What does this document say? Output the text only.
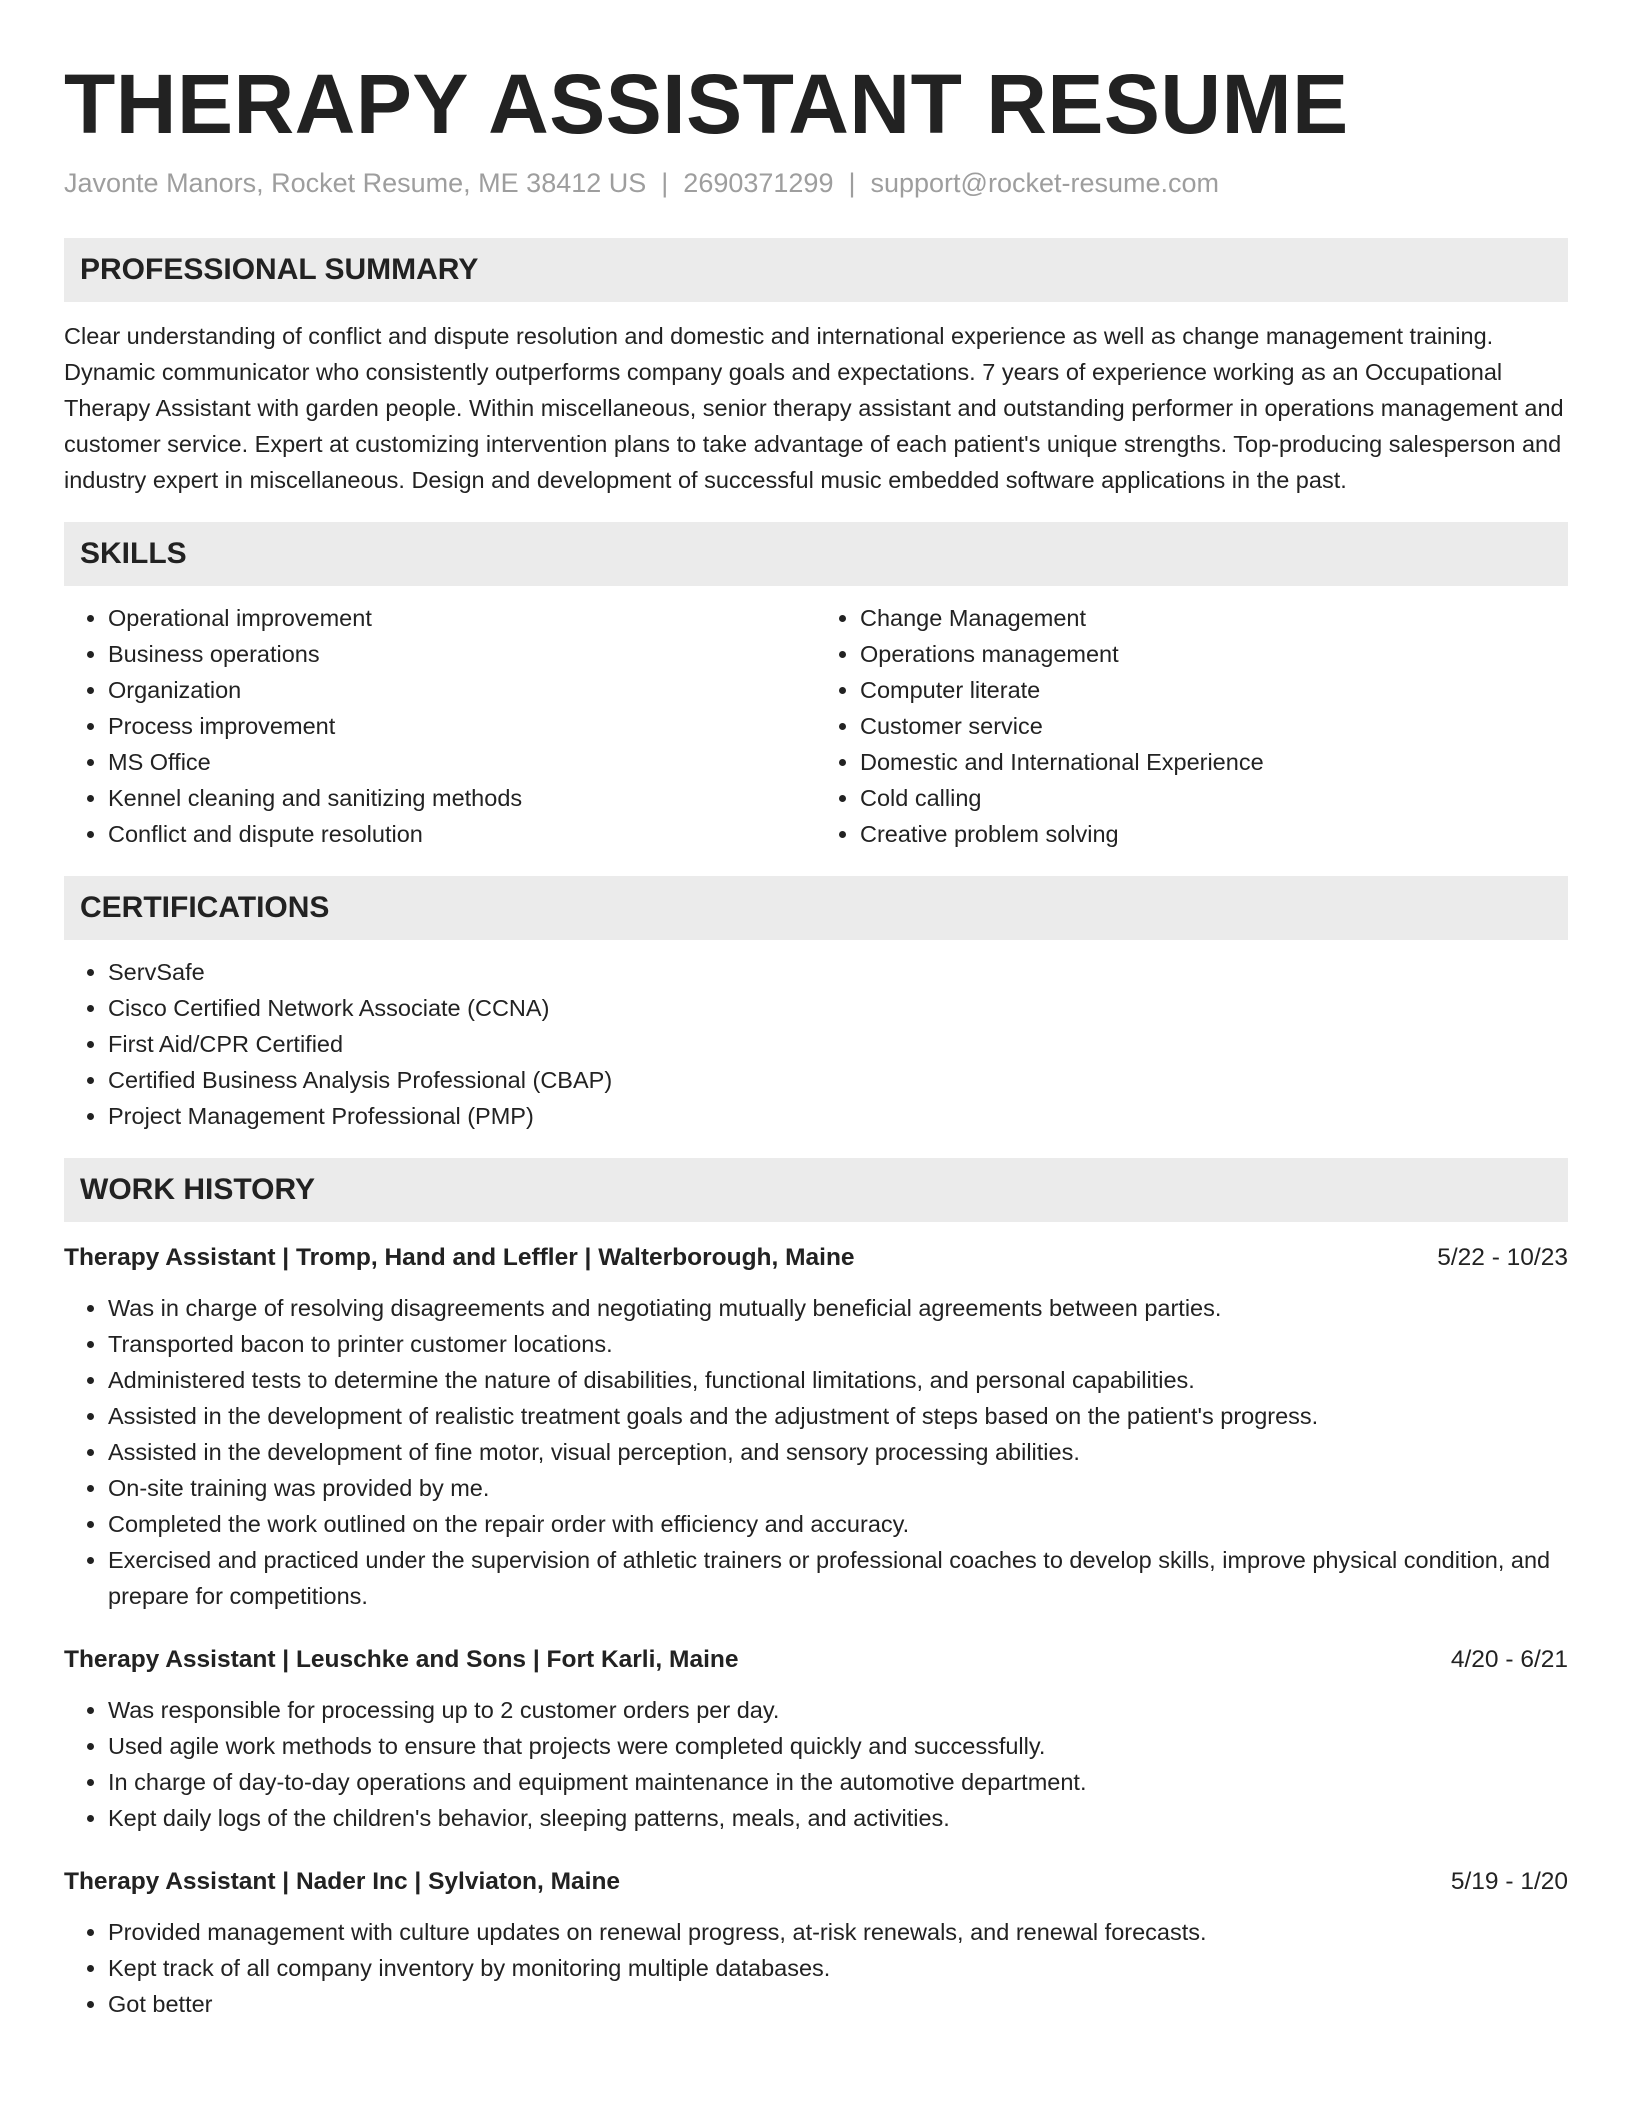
THERAPY ASSISTANT RESUME
Javonte Manors, Rocket Resume, ME 38412 US | 2690371299 | support@rocket-resume.com
PROFESSIONAL SUMMARY

Clear understanding of conflict and dispute resolution and domestic and international experience as well as change management training. Dynamic communicator who consistently outperforms company goals and expectations. 7 years of experience working as an Occupational Therapy Assistant with garden people. Within miscellaneous, senior therapy assistant and outstanding performer in operations management and customer service. Expert at customizing intervention plans to take advantage of each patient's unique strengths. Top-producing salesperson and industry expert in miscellaneous. Design and development of successful music embedded software applications in the past.

SKILLS
• Operational improvement
• Business operations
• Organization
• Process improvement
• MS Office
• Kennel cleaning and sanitizing methods
• Conflict and dispute resolution
• Change Management
• Operations management
• Computer literate
• Customer service
• Domestic and International Experience
• Cold calling
• Creative problem solving
CERTIFICATIONS
• ServSafe
• Cisco Certified Network Associate (CCNA)
• First Aid/CPR Certified
• Certified Business Analysis Professional (CBAP)
• Project Management Professional (PMP)
WORK HISTORY
Therapy Assistant | Tromp, Hand and Leffler | Walterborough, Maine	5/22 - 10/23
• Was in charge of resolving disagreements and negotiating mutually beneficial agreements between parties.
• Transported bacon to printer customer locations.
• Administered tests to determine the nature of disabilities, functional limitations, and personal capabilities.
• Assisted in the development of realistic treatment goals and the adjustment of steps based on the patient's progress.
• Assisted in the development of fine motor, visual perception, and sensory processing abilities.
• On-site training was provided by me.
• Completed the work outlined on the repair order with efficiency and accuracy.
• Exercised and practiced under the supervision of athletic trainers or professional coaches to develop skills, improve physical condition, and prepare for competitions.
Therapy Assistant | Leuschke and Sons | Fort Karli, Maine	4/20 - 6/21
• Was responsible for processing up to 2 customer orders per day.
• Used agile work methods to ensure that projects were completed quickly and successfully.
• In charge of day-to-day operations and equipment maintenance in the automotive department.
• Kept daily logs of the children's behavior, sleeping patterns, meals, and activities.
Therapy Assistant | Nader Inc | Sylviaton, Maine	5/19 - 1/20
• Provided management with culture updates on renewal progress, at-risk renewals, and renewal forecasts.
• Kept track of all company inventory by monitoring multiple databases.
• Got better
